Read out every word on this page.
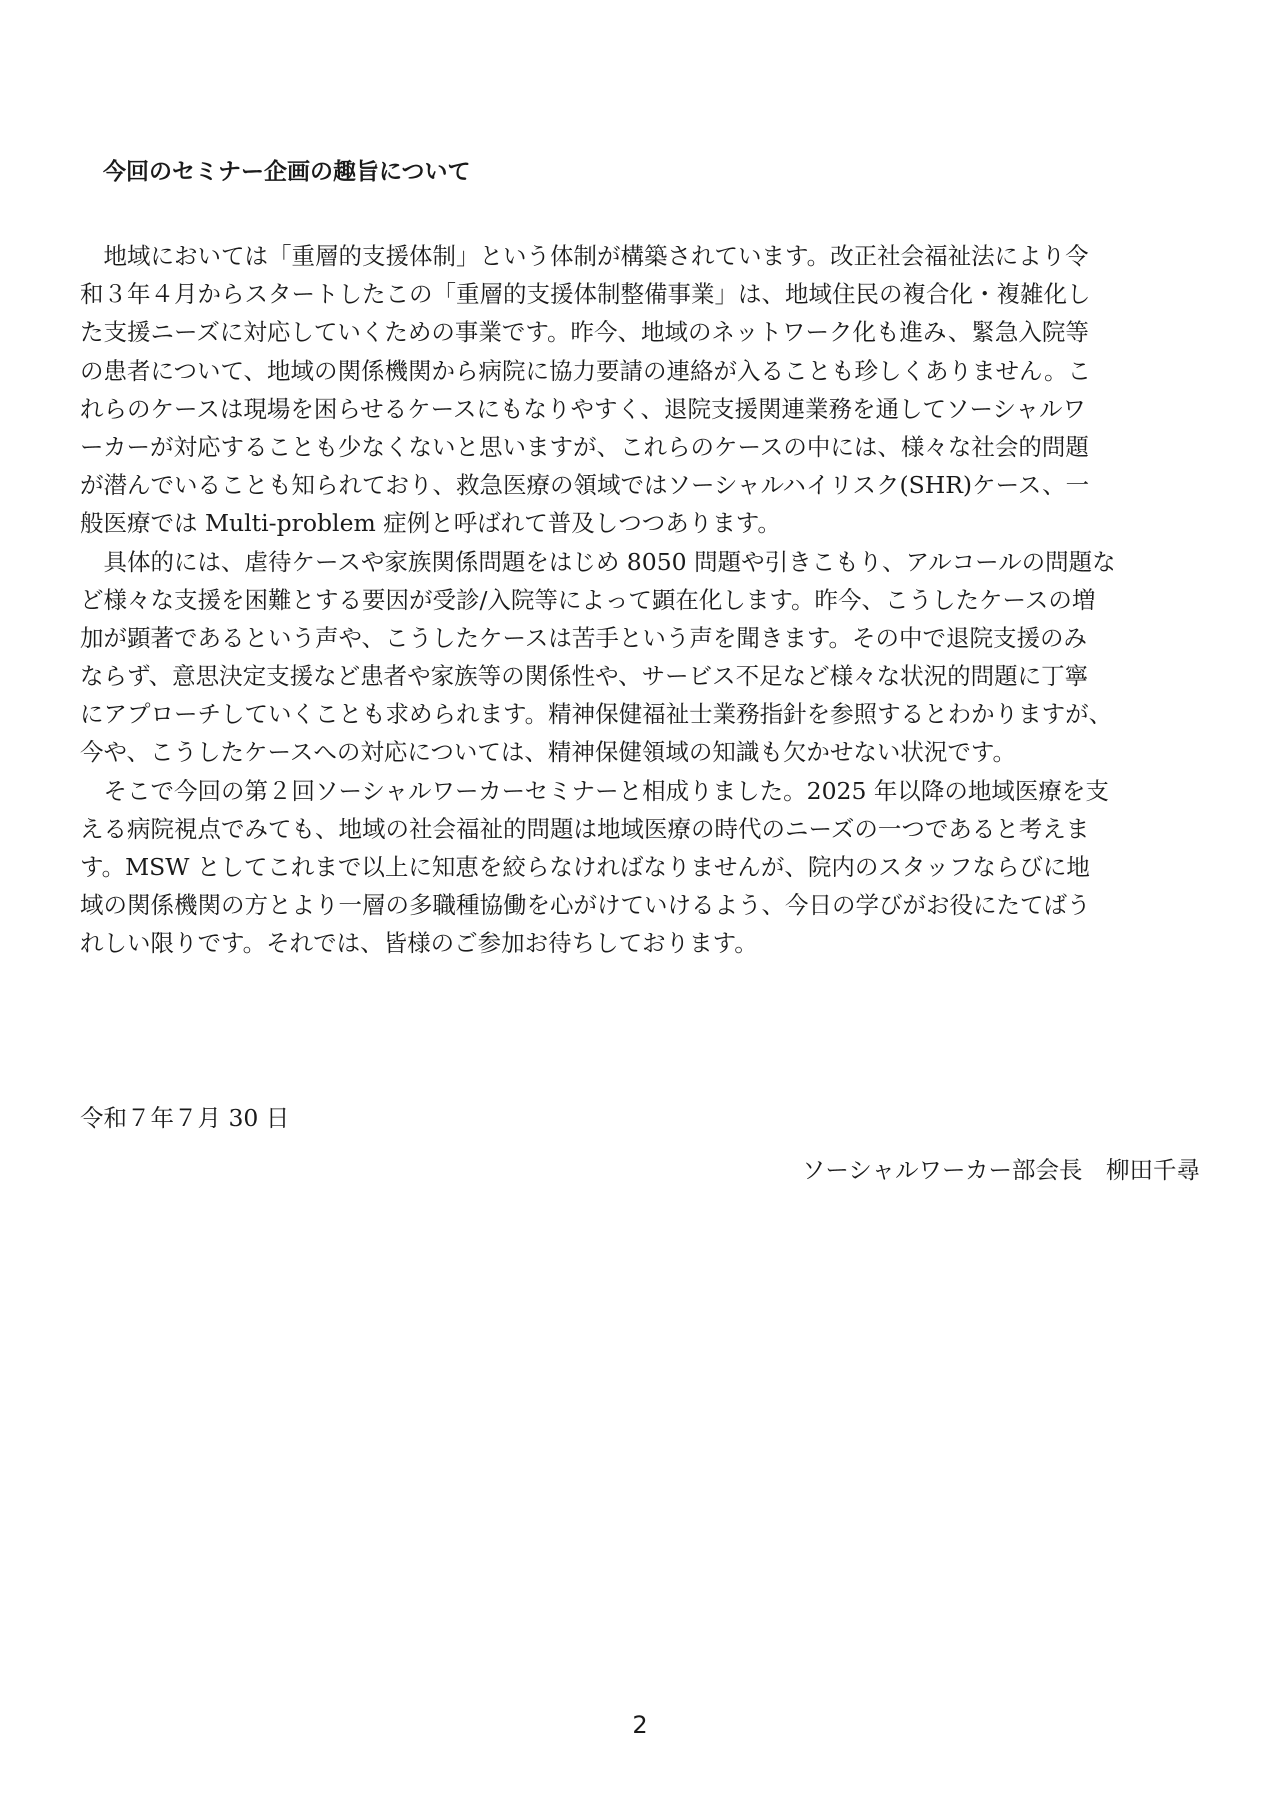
今回のセミナー企画の趣旨について
　地域においては「重層的支援体制」という体制が構築されています。改正社会福祉法により令
和３年４月からスタートしたこの「重層的支援体制整備事業」は、地域住民の複合化・複雑化し
た支援ニーズに対応していくための事業です。昨今、地域のネットワーク化も進み、緊急入院等
の患者について、地域の関係機関から病院に協力要請の連絡が入ることも珍しくありません。こ
れらのケースは現場を困らせるケースにもなりやすく、退院支援関連業務を通してソーシャルワ
ーカーが対応することも少なくないと思いますが、これらのケースの中には、様々な社会的問題
が潜んでいることも知られており、救急医療の領域ではソーシャルハイリスク(SHR)ケース、一
般医療では Multi‐problem 症例と呼ばれて普及しつつあります。
　具体的には、虐待ケースや家族関係問題をはじめ 8050 問題や引きこもり、アルコールの問題な
ど様々な支援を困難とする要因が受診/入院等によって顕在化します。昨今、こうしたケースの増
加が顕著であるという声や、こうしたケースは苦手という声を聞きます。その中で退院支援のみ
ならず、意思決定支援など患者や家族等の関係性や、サービス不足など様々な状況的問題に丁寧
にアプローチしていくことも求められます。精神保健福祉士業務指針を参照するとわかりますが、
今や、こうしたケースへの対応については、精神保健領域の知識も欠かせない状況です。
　そこで今回の第２回ソーシャルワーカーセミナーと相成りました。2025 年以降の地域医療を支
える病院視点でみても、地域の社会福祉的問題は地域医療の時代のニーズの一つであると考えま
す。MSW としてこれまで以上に知恵を絞らなければなりませんが、院内のスタッフならびに地
域の関係機関の方とより一層の多職種協働を心がけていけるよう、今日の学びがお役にたてばう
れしい限りです。それでは、皆様のご参加お待ちしております。
令和７年７月 30 日
ソーシャルワーカー部会長　柳田千尋
2
